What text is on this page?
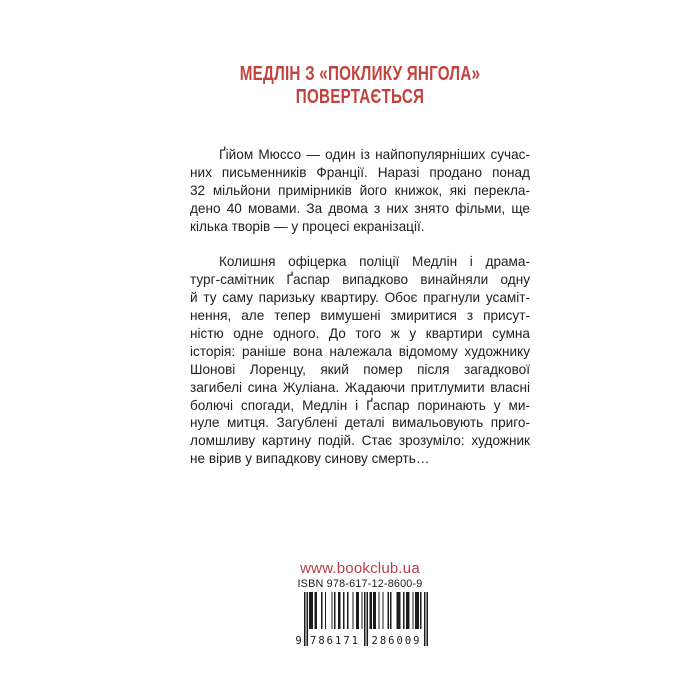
МЕДЛІН З «ПОКЛИКУ ЯНГОЛА»
ПОВЕРТАЄТЬСЯ
Ґійом Мюссо — один із найпопулярніших сучас-
них письменників Франції. Наразі продано понад
32 мільйони примірників його книжок, які перекла-
дено 40 мовами. За двома з них знято фільми, ще
кілька творів — у процесі екранізації.
Колишня офіцерка поліції Медлін і драма-
тург-самітник Ґаспар випадково винайняли одну
й ту саму паризьку квартиру. Обоє прагнули усаміт-
нення, але тепер вимушені змиритися з присут-
ністю одне одного. До того ж у квартири сумна
історія: раніше вона належала відомому художнику
Шонові Лоренцу, який помер після загадкової
загибелі сина Жуліана. Жадаючи притлумити власні
болючі спогади, Медлін і Ґаспар поринають у ми-
нуле митця. Загублені деталі вимальовують приго-
ломшливу картину подій. Стає зрозуміло: художник
не вірив у випадкову синову смерть…
www.bookclub.ua
ISBN 978-617-12-8600-9
9 786171 286009
